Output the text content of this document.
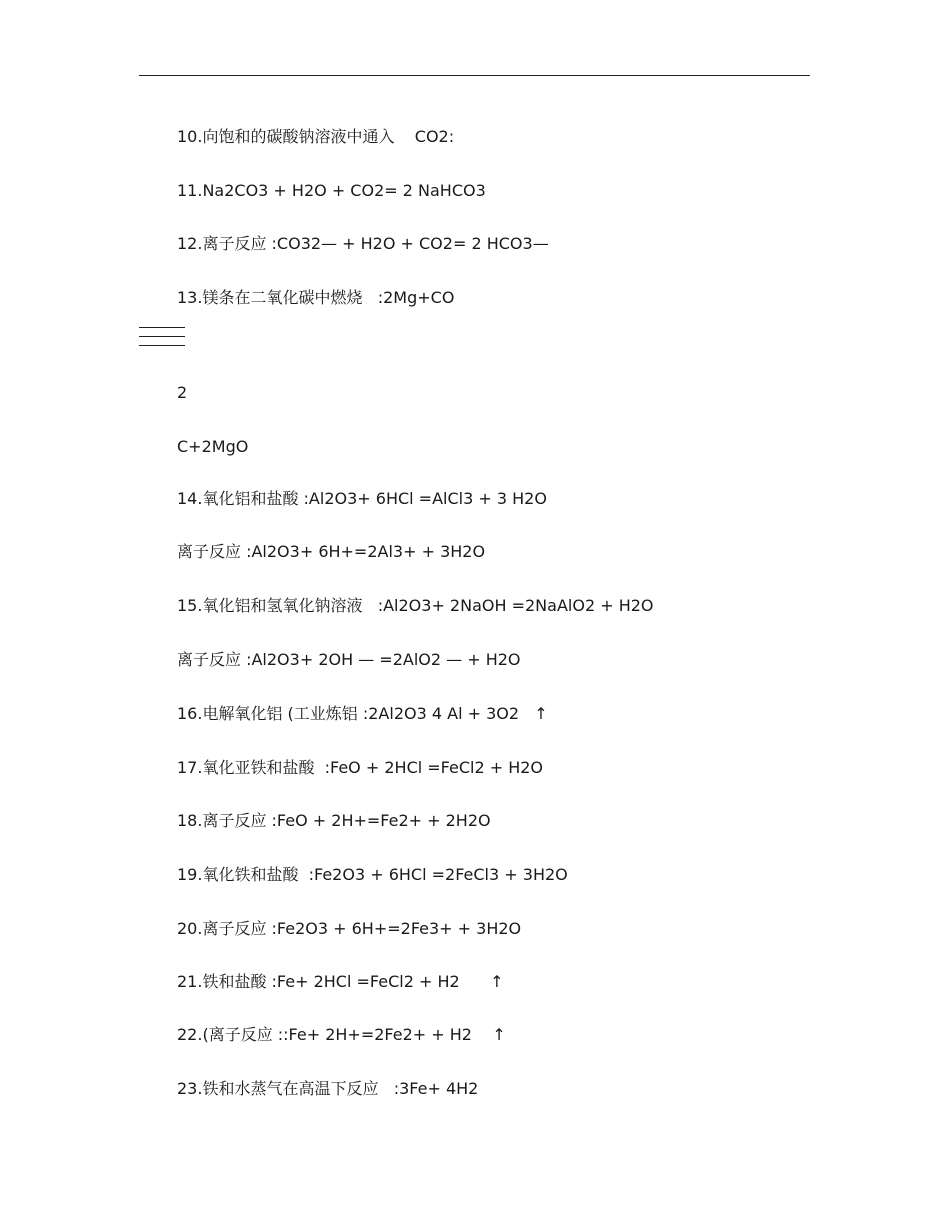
10.向饱和的碳酸钠溶液中通入    CO2:
11.Na2CO3 + H2O + CO2= 2 NaHCO3
12.离子反应 :CO32— + H2O + CO2= 2 HCO3—
13.镁条在二氧化碳中燃烧   :2Mg+CO
2
C+2MgO
14.氧化铝和盐酸 :Al2O3+ 6HCl =AlCl3 + 3 H2O
离子反应 :Al2O3+ 6H+=2Al3+ + 3H2O
15.氧化铝和氢氧化钠溶液   :Al2O3+ 2NaOH =2NaAlO2 + H2O
离子反应 :Al2O3+ 2OH — =2AlO2 — + H2O
16.电解氧化铝 (工业炼铝 :2Al2O3 4 Al + 3O2   ↑
17.氧化亚铁和盐酸  :FeO + 2HCl =FeCl2 + H2O
18.离子反应 :FeO + 2H+=Fe2+ + 2H2O
19.氧化铁和盐酸  :Fe2O3 + 6HCl =2FeCl3 + 3H2O
20.离子反应 :Fe2O3 + 6H+=2Fe3+ + 3H2O
21.铁和盐酸 :Fe+ 2HCl =FeCl2 + H2      ↑
22.(离子反应 ::Fe+ 2H+=2Fe2+ + H2    ↑
23.铁和水蒸气在高温下反应   :3Fe+ 4H2
